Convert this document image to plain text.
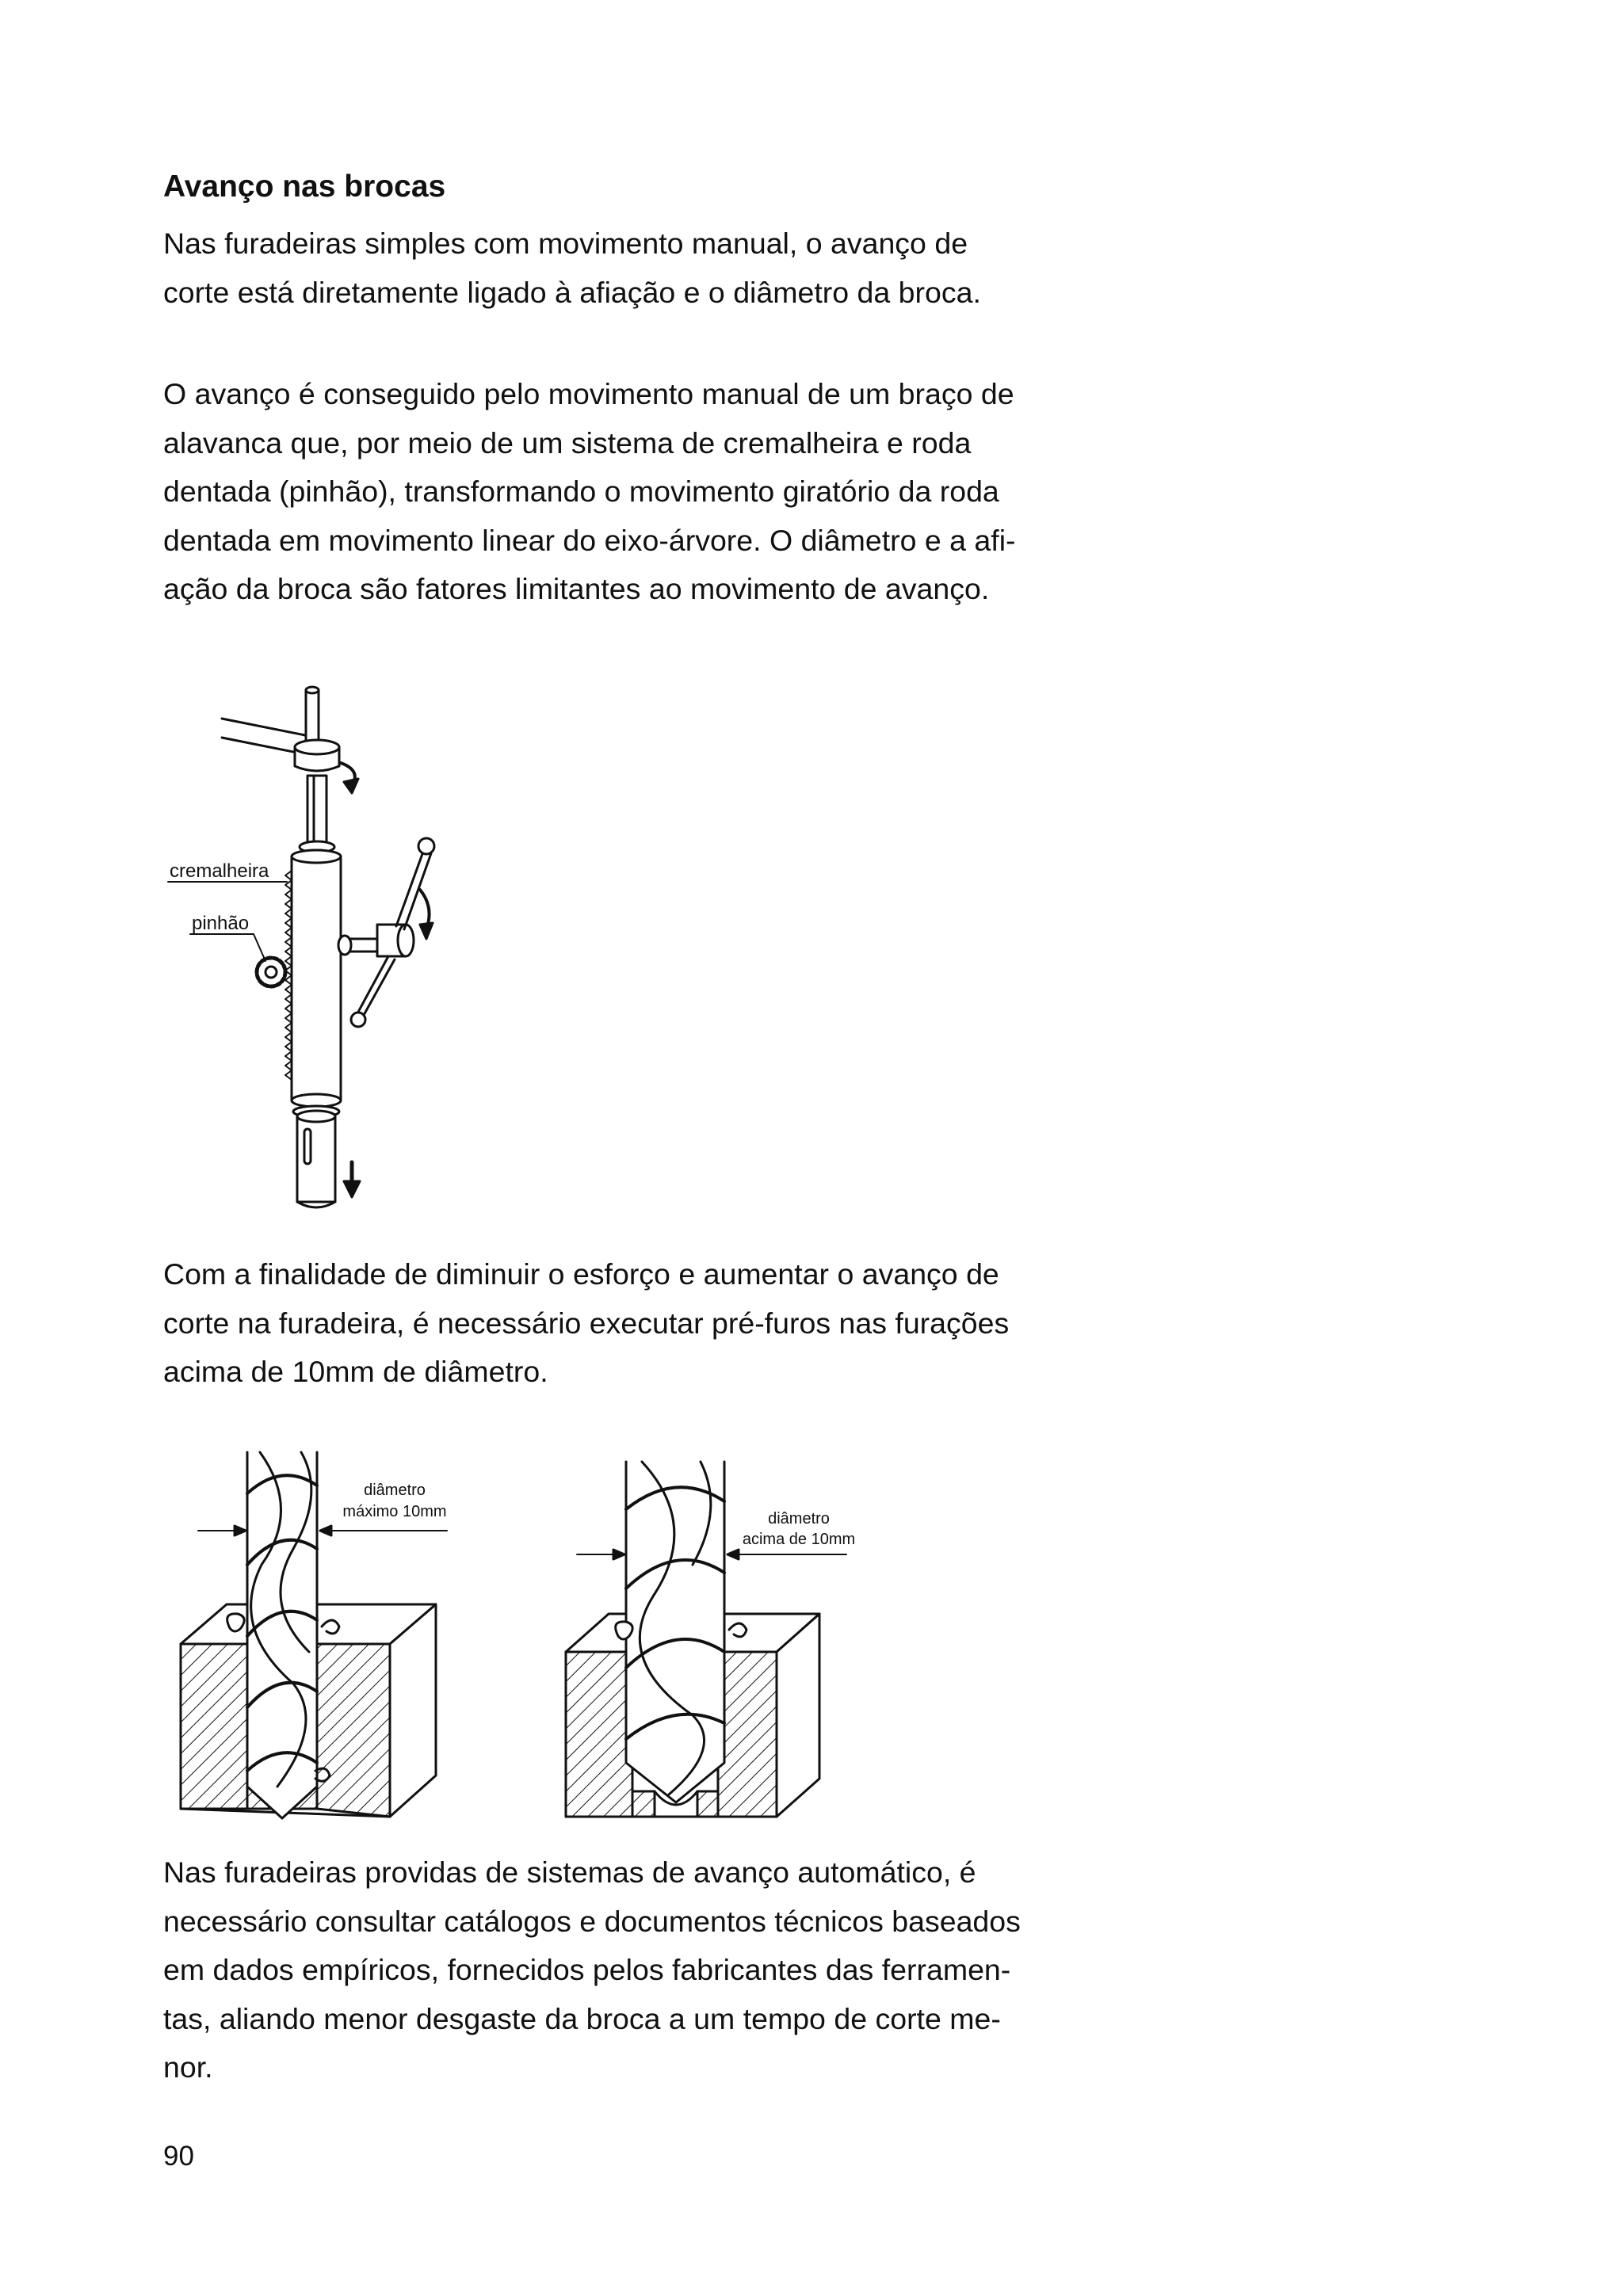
Avanço nas brocas

Nas furadeiras simples com movimento manual, o avanço de
corte está diretamente ligado à afiação e o diâmetro da broca.

O avanço é conseguido pelo movimento manual de um braço de
alavanca que, por meio de um sistema de cremalheira e roda
dentada (pinhão), transformando o movimento giratório da roda
dentada em movimento linear do eixo-árvore. O diâmetro e a afi-
ação da broca são fatores limitantes ao movimento de avanço.

cremalheira
pinhão

Com a finalidade de diminuir o esforço e aumentar o avanço de
corte na furadeira, é necessário executar pré-furos nas furações
acima de 10mm de diâmetro.

diâmetro
máximo 10mm	diâmetro
acima de 10mm

Nas furadeiras providas de sistemas de avanço automático, é
necessário consultar catálogos e documentos técnicos baseados
em dados empíricos, fornecidos pelos fabricantes das ferramen-
tas, aliando menor desgaste da broca a um tempo de corte me-
nor.

90
